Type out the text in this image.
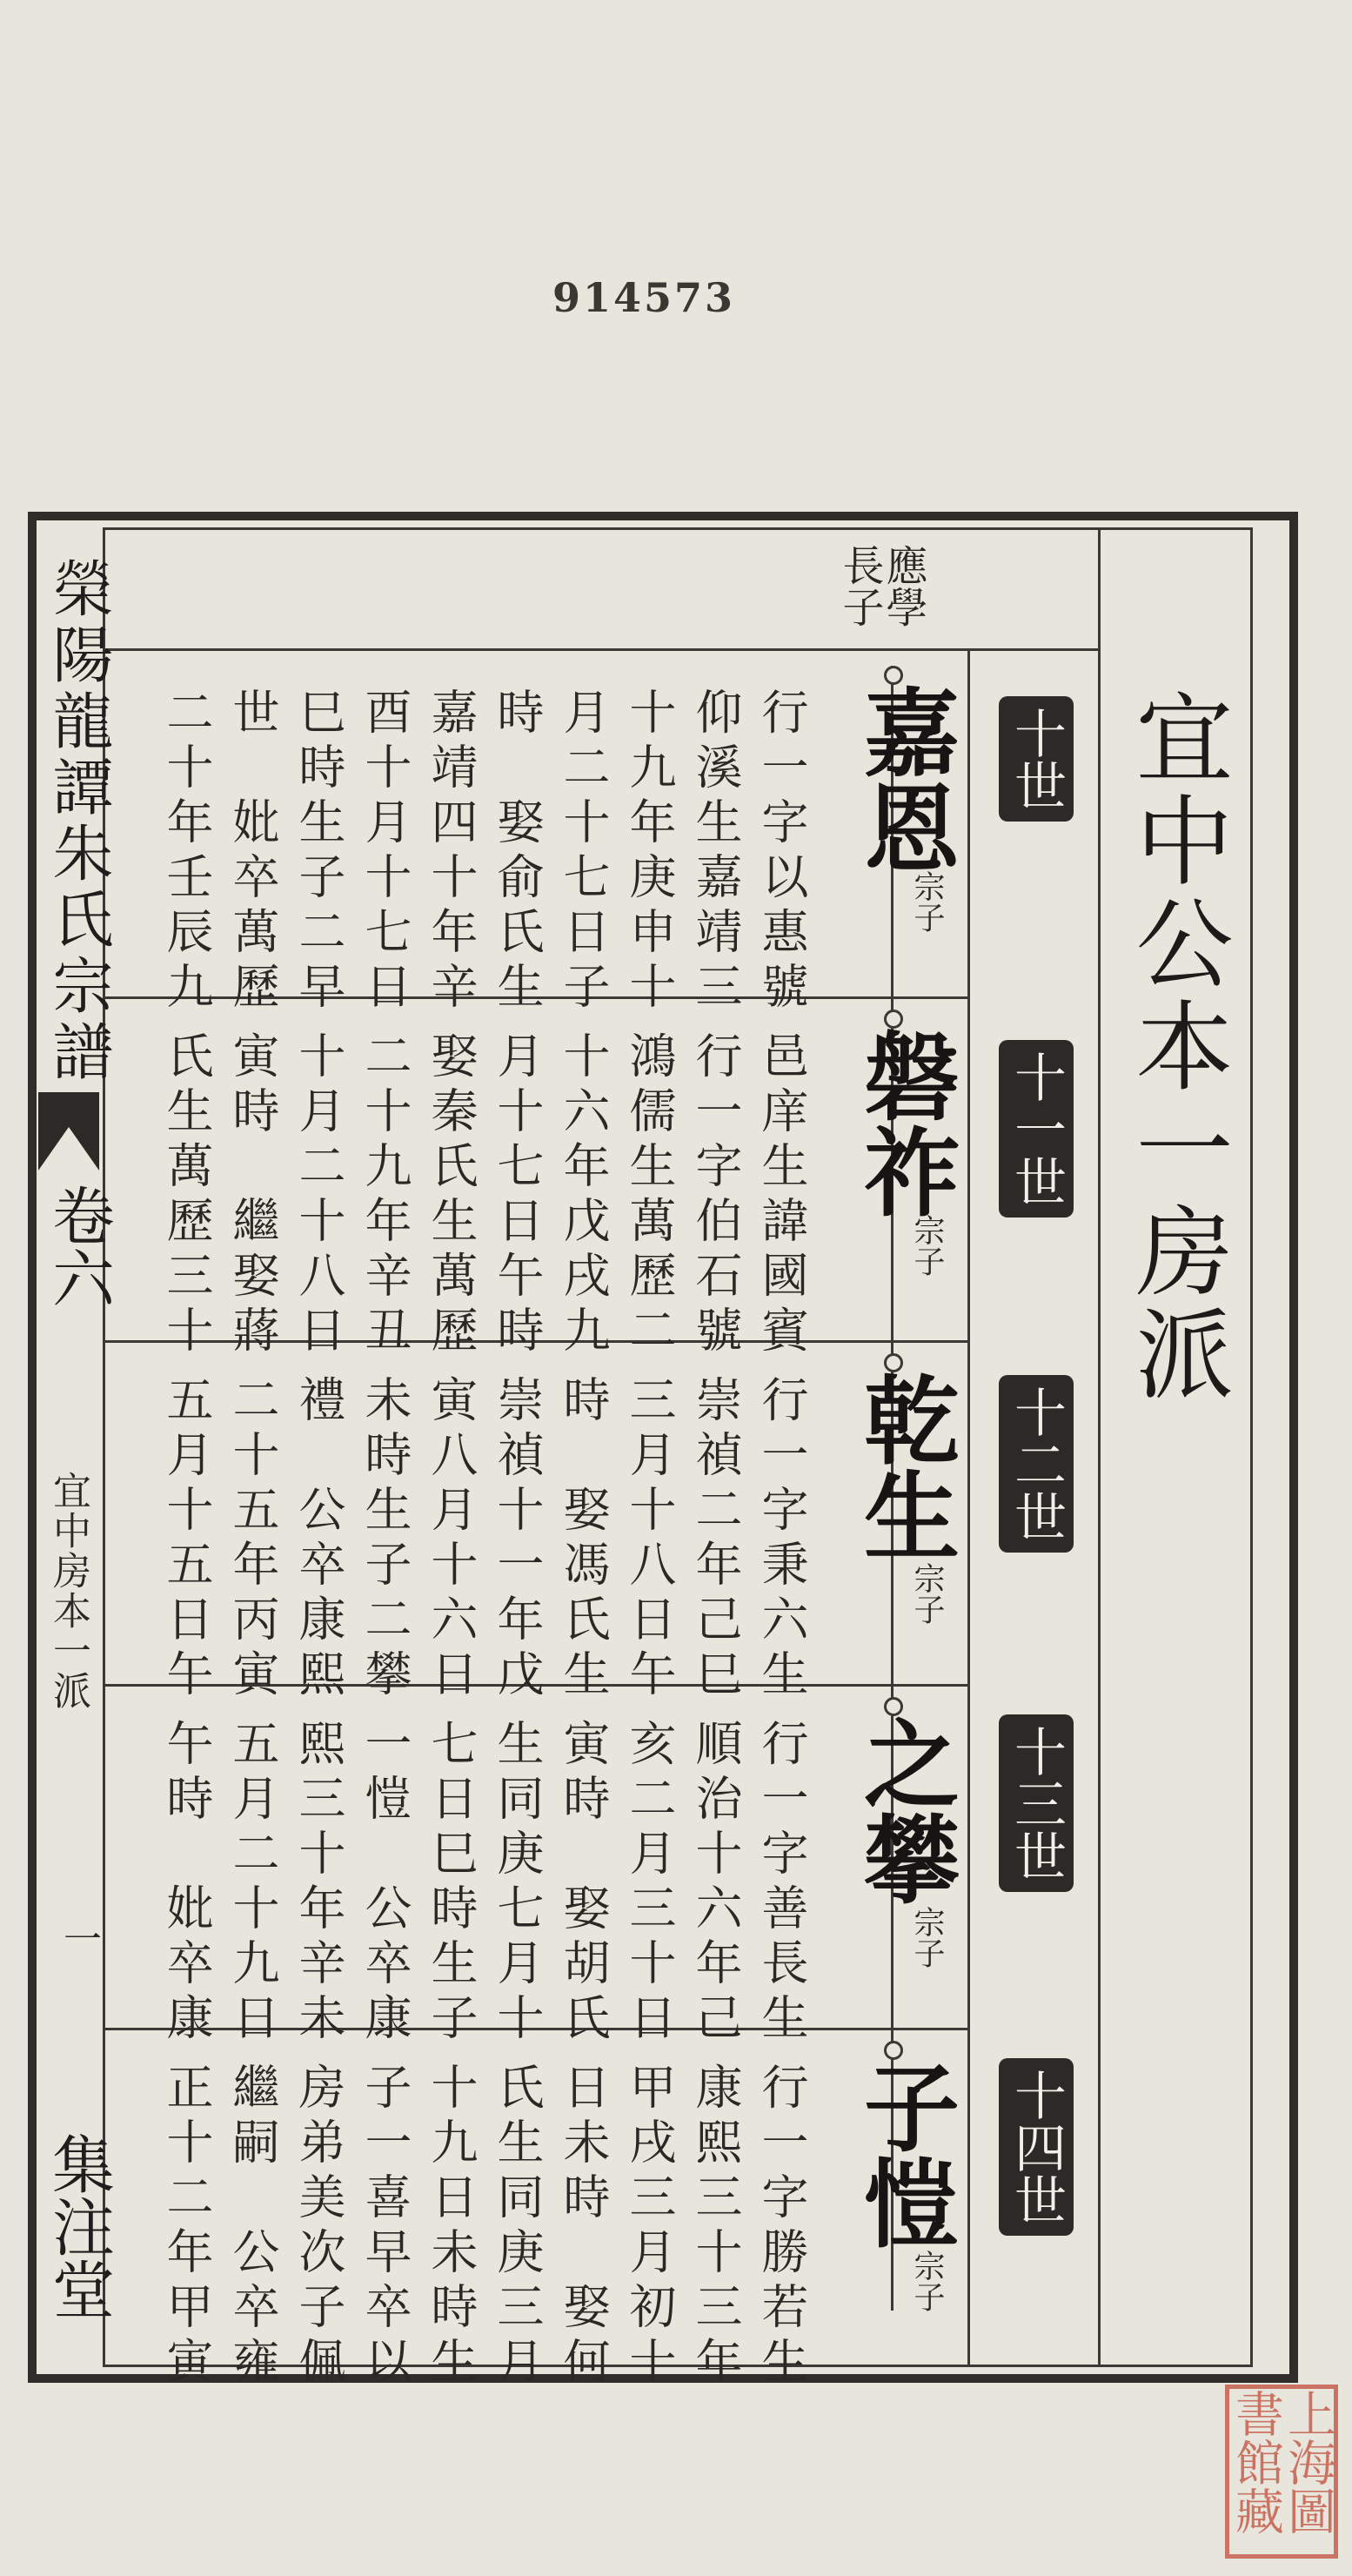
914573
榮陽龍譚朱氏宗譜
卷六
宜中房本一派
一
集注堂
宜中公本一房派
應學
長子
十世
十一世
十二世
十三世
十四世
嘉恩
宗子
行一字以惠號
仰溪生嘉靖三
十九年庚申十
月二十七日子
時　娶俞氏生
嘉靖四十年辛
酉十月十七日
巳時生子二早
世　妣卒萬歷
二十年壬辰九
磐祚
宗子
邑庠生諱國賓
行一字伯石號
鴻儒生萬歷二
十六年戊戌九
月十七日午時
娶秦氏生萬歷
二十九年辛丑
十月二十八日
寅時　繼娶蔣
氏生萬歷三十
乾生
宗子
行一字秉六生
崇禎二年己巳
三月十八日午
時　娶馮氏生
崇禎十一年戊
寅八月十六日
未時生子二攀
禮　公卒康熙
二十五年丙寅
五月十五日午
之攀
宗子
行一字善長生
順治十六年己
亥二月三十日
寅時　娶胡氏
生同庚七月十
七日巳時生子
一愷　公卒康
熙三十年辛未
五月二十九日
午時　妣卒康
子愷
宗子
行一字勝若生
康熙三十三年
甲戌三月初十
日未時　娶何
氏生同庚三月
十九日未時生
子一喜早卒以
房弟美次子佩
繼嗣　公卒雍
正十二年甲寅
上海圖書館藏
